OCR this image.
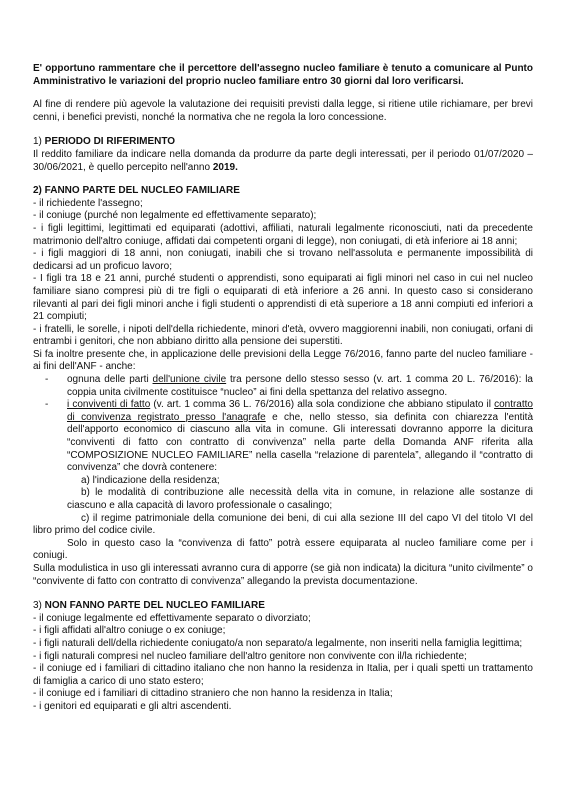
E' opportuno rammentare che il percettore dell'assegno nucleo familiare è tenuto a comunicare al Punto Amministrativo le variazioni del proprio nucleo familiare entro 30 giorni dal loro verificarsi.

Al fine di rendere più agevole la valutazione dei requisiti previsti dalla legge, si ritiene utile richiamare, per brevi cenni, i benefici previsti, nonché la normativa che ne regola la loro concessione.

1) PERIODO DI RIFERIMENTO

Il reddito familiare da indicare nella domanda da produrre da parte degli interessati, per il periodo 01/07/2020 – 30/06/2021, è quello percepito nell'anno 2019.

2) FANNO PARTE DEL NUCLEO FAMILIARE

- il richiedente l'assegno;

- il coniuge (purché non legalmente ed effettivamente separato);

- i figli legittimi, legittimati ed equiparati (adottivi, affiliati, naturali legalmente riconosciuti, nati da precedente matrimonio dell'altro coniuge, affidati dai competenti organi di legge), non coniugati, di età inferiore ai 18 anni;

- i figli maggiori di 18 anni, non coniugati, inabili che si trovano nell'assoluta e permanente impossibilità di dedicarsi ad un proficuo lavoro;

- I figli tra 18 e 21 anni, purché studenti o apprendisti, sono equiparati ai figli minori nel caso in cui nel nucleo familiare siano compresi più di tre figli o equiparati di età inferiore a 26 anni. In questo caso si considerano rilevanti al pari dei figli minori anche i figli studenti o apprendisti di età superiore a 18 anni compiuti ed inferiori a 21 compiuti;

- i fratelli, le sorelle, i nipoti dell'della richiedente, minori d'età, ovvero maggiorenni inabili, non coniugati, orfani di entrambi i genitori, che non abbiano diritto alla pensione dei superstiti.

Si fa inoltre presente che, in applicazione delle previsioni della Legge 76/2016, fanno parte del nucleo familiare - ai fini dell'ANF - anche:

- ognuna delle parti dell'unione civile tra persone dello stesso sesso (v. art. 1 comma 20 L. 76/2016): la coppia unita civilmente costituisce “nucleo” ai fini della spettanza del relativo assegno.
- i conviventi di fatto (v. art. 1 comma 36 L. 76/2016) alla sola condizione che abbiano stipulato il contratto di convivenza registrato presso l'anagrafe e che, nello stesso, sia definita con chiarezza l'entità dell'apporto economico di ciascuno alla vita in comune. Gli interessati dovranno apporre la dicitura “conviventi di fatto con contratto di convivenza” nella parte della Domanda ANF riferita alla “COMPOSIZIONE NUCLEO FAMILIARE” nella casella “relazione di parentela”, allegando il “contratto di convivenza” che dovrà contenere:

a) l'indicazione della residenza;

b) le modalità di contribuzione alle necessità della vita in comune, in relazione alle sostanze di ciascuno e alla capacità di lavoro professionale o casalingo;

c) il regime patrimoniale della comunione dei beni, di cui alla sezione III del capo VI del titolo VI del libro primo del codice civile.

Solo in questo caso la “convivenza di fatto” potrà essere equiparata al nucleo familiare come per i coniugi.

Sulla modulistica in uso gli interessati avranno cura di apporre (se già non indicata) la dicitura “unito civilmente” o “convivente di fatto con contratto di convivenza” allegando la prevista documentazione.

3) NON FANNO PARTE DEL NUCLEO FAMILIARE

- il coniuge legalmente ed effettivamente separato o divorziato;

- i figli affidati all'altro coniuge o ex coniuge;

- i figli naturali dell/della richiedente coniugato/a non separato/a legalmente, non inseriti nella famiglia legittima;

- i figli naturali compresi nel nucleo familiare dell'altro genitore non convivente con il/la richiedente;

- il coniuge ed i familiari di cittadino italiano che non hanno la residenza in Italia, per i quali spetti un trattamento di famiglia a carico di uno stato estero;

- il coniuge ed i familiari di cittadino straniero che non hanno la residenza in Italia;

- i genitori ed equiparati e gli altri ascendenti.
